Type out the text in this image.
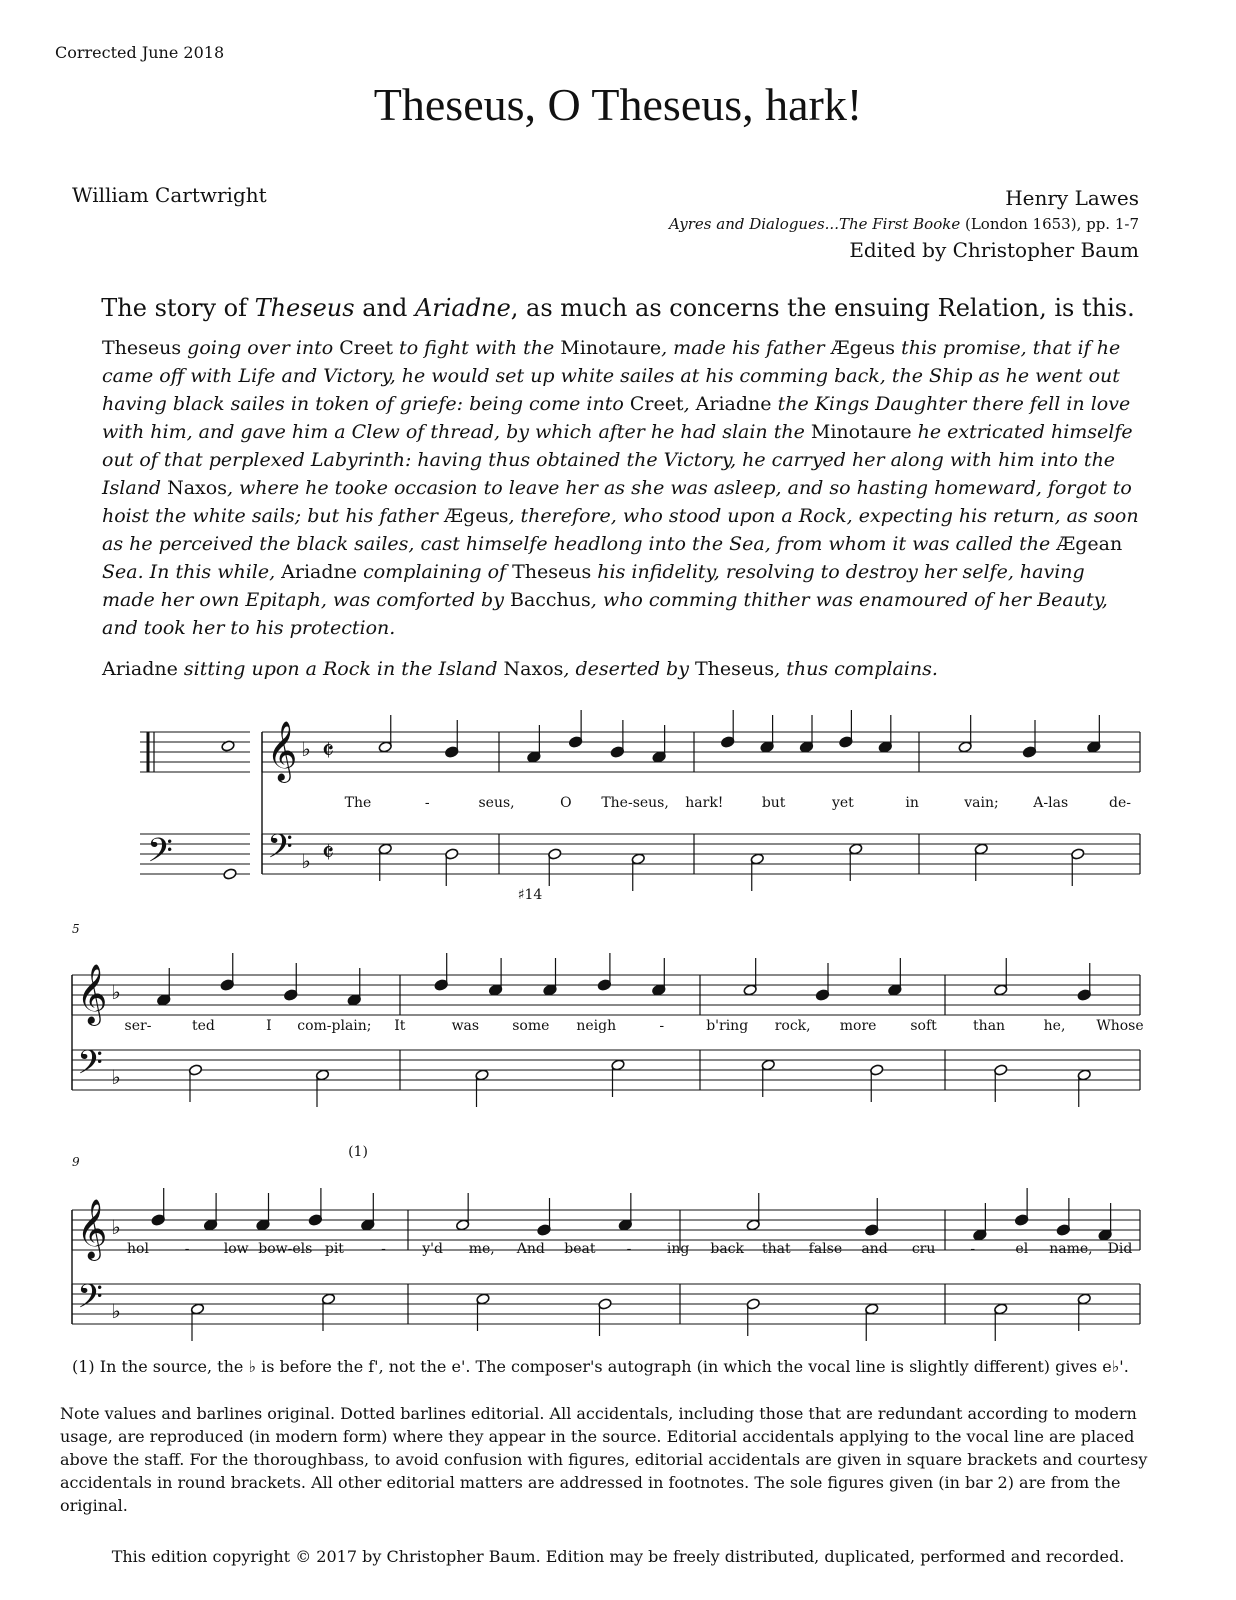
Corrected June 2018
Theseus, O Theseus, hark!
William Cartwright	Henry Lawes
Ayres and Dialogues...The First Booke (London 1653), pp. 1-7
Edited by Christopher Baum
The story of Theseus and Ariadne, as much as concerns the ensuing Relation, is this.
Theseus going over into Creet to fight with the Minotaure, made his father Ægeus this promise, that if he came off with Life and Victory, he would set up white sailes at his comming back, the Ship as he went out having black sailes in token of griefe: being come into Creet, Ariadne the Kings Daughter there fell in love with him, and gave him a Clew of thread, by which after he had slain the Minotaure he extricated himselfe out of that perplexed Labyrinth: having thus obtained the Victory, he carryed her along with him into the Island Naxos, where he tooke occasion to leave her as she was asleep, and so hasting homeward, forgot to hoist the white sails; but his father Ægeus, therefore, who stood upon a Rock, expecting his return, as soon as he perceived the black sailes, cast himselfe headlong into the Sea, from whom it was called the Ægean Sea. In this while, Ariadne complaining of Theseus his infidelity, resolving to destroy her selfe, having made her own Epitaph, was comforted by Bacchus, who comming thither was enamoured of her Beauty, and took her to his protection.
Ariadne sitting upon a Rock in the Island Naxos, deserted by Theseus, thus complains.
𝄞
𝄢
♭
♭
𝄵
𝄵
The	-	seus,	O The-seus, hark!	but	yet	in	vain; A-las	de-
𝄞
𝄢
♭
♭
5
ser-	ted	I com-plain; It	was some neigh	-	b'ring rock, more soft	than	he, Whose
𝄞
𝄢
♭
♭
9
hol	- low bow-els pit	-	y'd me, And beat -	ing back that false and cru -	el name, Did
𝄢
♯14
(1)
(1) In the source, the ♭ is before the f', not the e'. The composer's autograph (in which the vocal line is slightly different) gives e♭'.
Note values and barlines original. Dotted barlines editorial. All accidentals, including those that are redundant according to modern usage, are reproduced (in modern form) where they appear in the source. Editorial accidentals applying to the vocal line are placed above the staff. For the thoroughbass, to avoid confusion with figures, editorial accidentals are given in square brackets and courtesy accidentals in round brackets. All other editorial matters are addressed in footnotes. The sole figures given (in bar 2) are from the original.
This edition copyright © 2017 by Christopher Baum. Edition may be freely distributed, duplicated, performed and recorded.
